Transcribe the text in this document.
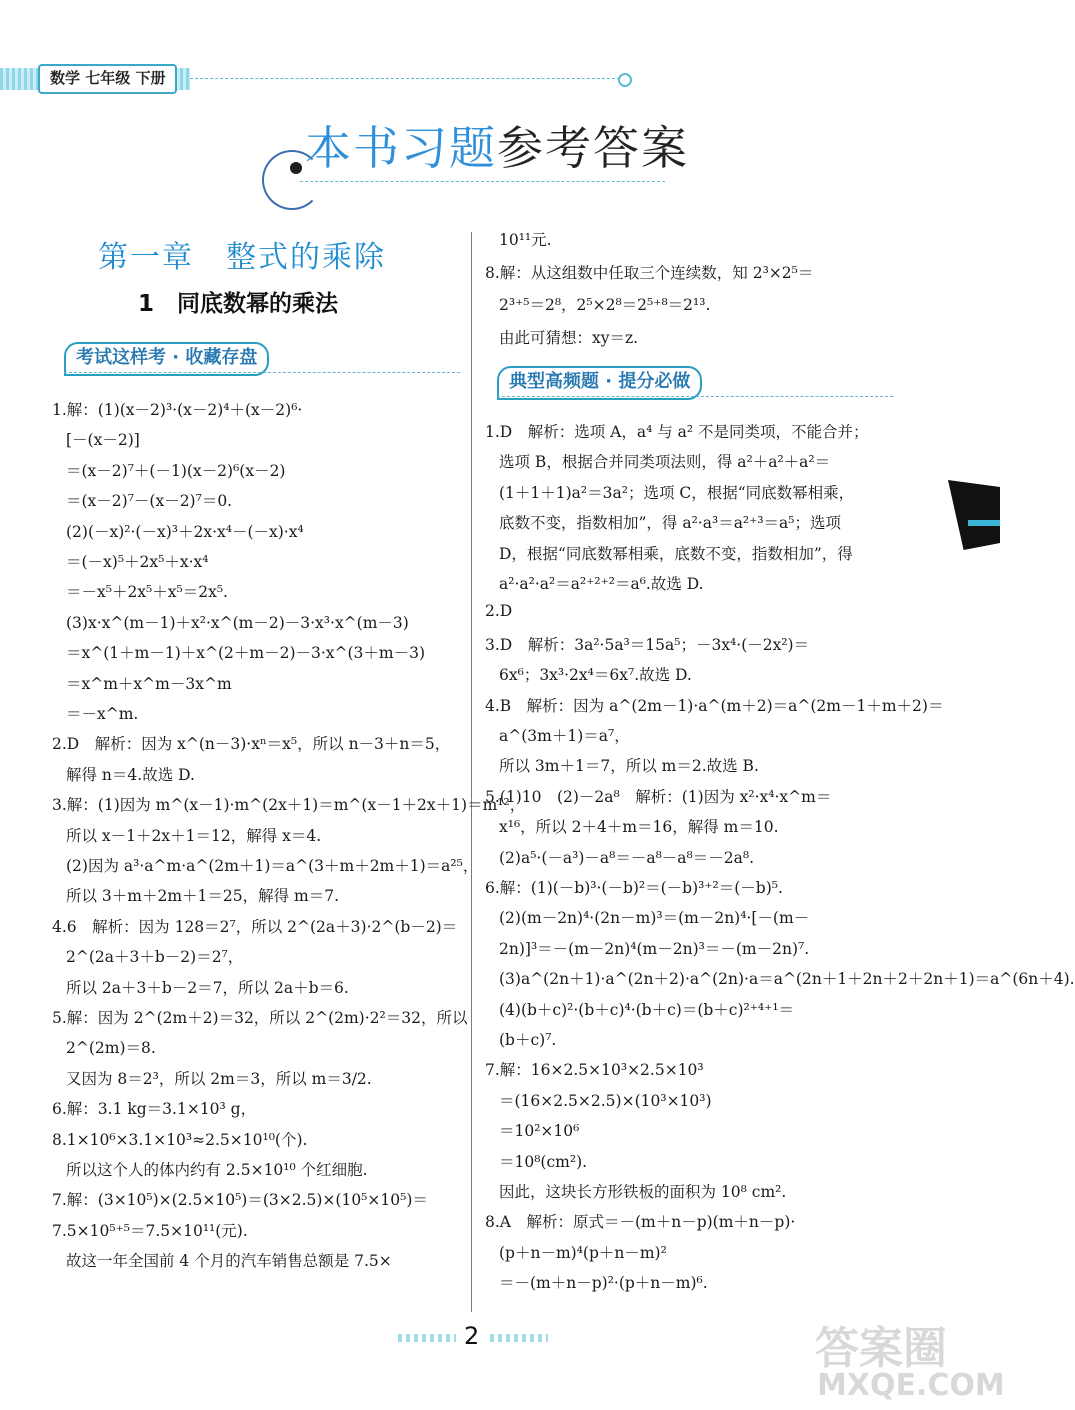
数学 七年级 下册
本书习题参考答案
第一章　整式的乘除
1　同底数幂的乘法
考试这样考 · 收藏存盘
典型高频题 · 提分必做
1.解：(1)(x－2)³·(x－2)⁴＋(x－2)⁶·
[－(x－2)]
＝(x－2)⁷＋(－1)(x－2)⁶(x－2)
＝(x－2)⁷－(x－2)⁷＝0.
(2)(－x)²·(－x)³＋2x·x⁴－(－x)·x⁴
＝(－x)⁵＋2x⁵＋x·x⁴
＝－x⁵＋2x⁵＋x⁵＝2x⁵.
(3)x·x^(m－1)＋x²·x^(m－2)－3·x³·x^(m－3)
＝x^(1＋m－1)＋x^(2＋m－2)－3·x^(3＋m－3)
＝x^m＋x^m－3x^m
＝－x^m.
2.D　解析：因为 x^(n－3)·xⁿ＝x⁵，所以 n－3＋n＝5，
解得 n＝4.故选 D.
3.解：(1)因为 m^(x－1)·m^(2x＋1)＝m^(x－1＋2x＋1)＝m¹²，
所以 x－1＋2x＋1＝12，解得 x＝4.
(2)因为 a³·a^m·a^(2m＋1)＝a^(3＋m＋2m＋1)＝a²⁵，
所以 3＋m＋2m＋1＝25，解得 m＝7.
4.6　解析：因为 128＝2⁷，所以 2^(2a＋3)·2^(b－2)＝
2^(2a＋3＋b－2)＝2⁷，
所以 2a＋3＋b－2＝7，所以 2a＋b＝6.
5.解：因为 2^(2m＋2)＝32，所以 2^(2m)·2²＝32，所以
2^(2m)＝8.
又因为 8＝2³，所以 2m＝3，所以 m＝3/2.
6.解：3.1 kg＝3.1×10³ g，
8.1×10⁶×3.1×10³≈2.5×10¹⁰(个).
所以这个人的体内约有 2.5×10¹⁰ 个红细胞.
7.解：(3×10⁵)×(2.5×10⁵)＝(3×2.5)×(10⁵×10⁵)＝
7.5×10⁵⁺⁵＝7.5×10¹¹(元).
故这一年全国前 4 个月的汽车销售总额是 7.5×
10¹¹元.
8.解：从这组数中任取三个连续数，知 2³×2⁵＝
2³⁺⁵＝2⁸，2⁵×2⁸＝2⁵⁺⁸＝2¹³.
由此可猜想：xy＝z.
1.D　解析：选项 A，a⁴ 与 a² 不是同类项，不能合并；
选项 B，根据合并同类项法则，得 a²＋a²＋a²＝
(1＋1＋1)a²＝3a²；选项 C，根据“同底数幂相乘，
底数不变，指数相加”，得 a²·a³＝a²⁺³＝a⁵；选项
D，根据“同底数幂相乘，底数不变，指数相加”，得
a²·a²·a²＝a²⁺²⁺²＝a⁶.故选 D.
2.D
3.D　解析：3a²·5a³＝15a⁵；－3x⁴·(－2x²)＝
6x⁶；3x³·2x⁴＝6x⁷.故选 D.
4.B　解析：因为 a^(2m－1)·a^(m＋2)＝a^(2m－1＋m＋2)＝
a^(3m＋1)＝a⁷，
所以 3m＋1＝7，所以 m＝2.故选 B.
5.(1)10　(2)－2a⁸　解析：(1)因为 x²·x⁴·x^m＝
x¹⁶，所以 2＋4＋m＝16，解得 m＝10.
(2)a⁵·(－a³)－a⁸＝－a⁸－a⁸＝－2a⁸.
6.解：(1)(－b)³·(－b)²＝(－b)³⁺²＝(－b)⁵.
(2)(m－2n)⁴·(2n－m)³＝(m－2n)⁴·[－(m－
2n)]³＝－(m－2n)⁴(m－2n)³＝－(m－2n)⁷.
(3)a^(2n＋1)·a^(2n＋2)·a^(2n)·a＝a^(2n＋1＋2n＋2＋2n＋1)＝a^(6n＋4).
(4)(b＋c)²·(b＋c)⁴·(b＋c)＝(b＋c)²⁺⁴⁺¹＝
(b＋c)⁷.
7.解：16×2.5×10³×2.5×10³
＝(16×2.5×2.5)×(10³×10³)
＝10²×10⁶
＝10⁸(cm²).
因此，这块长方形铁板的面积为 10⁸ cm².
8.A　解析：原式＝－(m＋n－p)(m＋n－p)·
(p＋n－m)⁴(p＋n－m)²
＝－(m＋n－p)²·(p＋n－m)⁶.
2	答案圈
MXQE.COM
